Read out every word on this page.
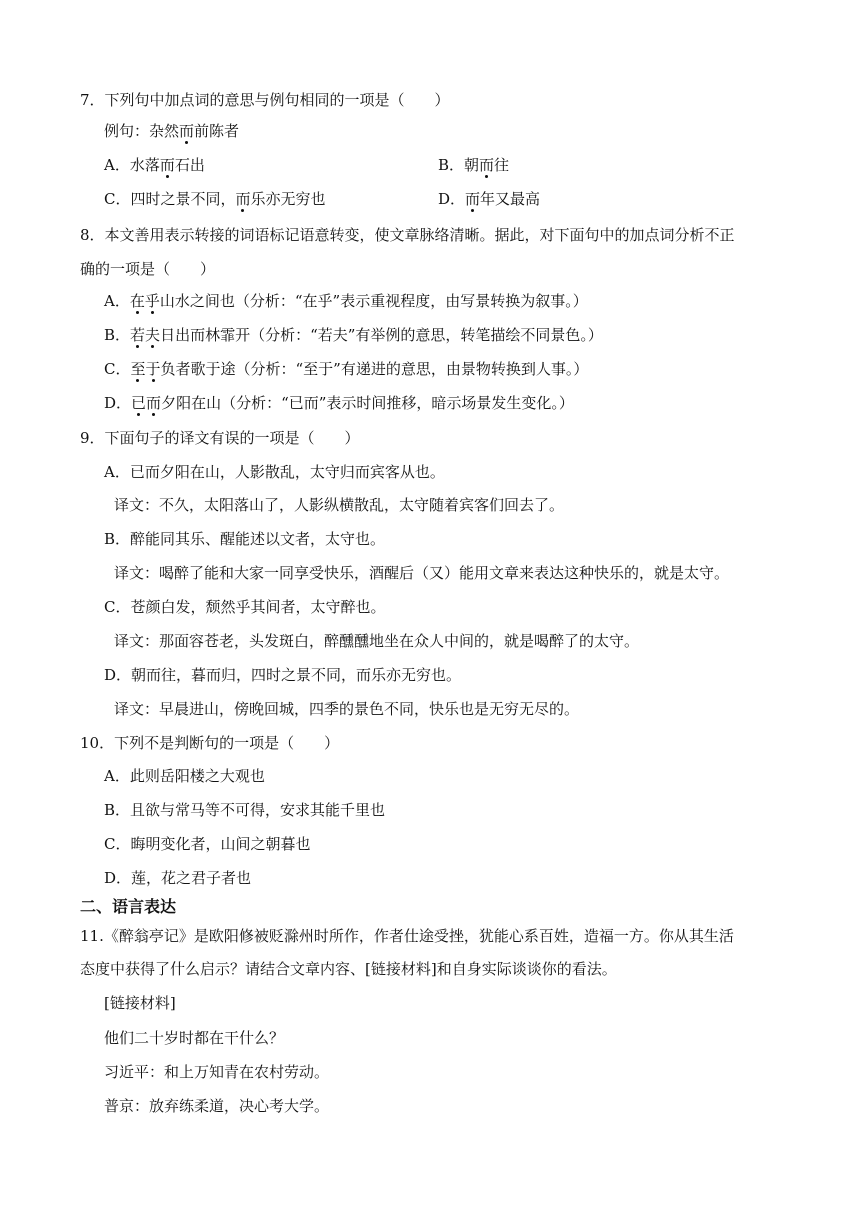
7．下列句中加点词的意思与例句相同的一项是（　　）
例句：杂然而前陈者
A．水落而石出	B．朝而往
C．四时之景不同，而乐亦无穷也	D．而年又最高
8．本文善用表示转接的词语标记语意转变，使文章脉络清晰。据此，对下面句中的加点词分析不正
确的一项是（　　）
A．在乎山水之间也（分析：“在乎”表示重视程度，由写景转换为叙事。）
B．若夫日出而林霏开（分析：“若夫”有举例的意思，转笔描绘不同景色。）
C．至于负者歌于途（分析：“至于”有递进的意思，由景物转换到人事。）
D．已而夕阳在山（分析：“已而”表示时间推移，暗示场景发生变化。）
9．下面句子的译文有误的一项是（　　）
A．已而夕阳在山，人影散乱，太守归而宾客从也。
译文：不久，太阳落山了，人影纵横散乱，太守随着宾客们回去了。
B．醉能同其乐、醒能述以文者，太守也。
译文：喝醉了能和大家一同享受快乐，酒醒后（又）能用文章来表达这种快乐的，就是太守。
C．苍颜白发，颓然乎其间者，太守醉也。
译文：那面容苍老，头发斑白，醉醺醺地坐在众人中间的，就是喝醉了的太守。
D．朝而往，暮而归，四时之景不同，而乐亦无穷也。
译文：早晨进山，傍晚回城，四季的景色不同，快乐也是无穷无尽的。
10．下列不是判断句的一项是（　　）
A．此则岳阳楼之大观也
B．且欲与常马等不可得，安求其能千里也
C．晦明变化者，山间之朝暮也
D．莲，花之君子者也
二、语言表达
11.《醉翁亭记》是欧阳修被贬滁州时所作，作者仕途受挫，犹能心系百姓，造福一方。你从其生活
态度中获得了什么启示？请结合文章内容、[链接材料]和自身实际谈谈你的看法。
[链接材料]
他们二十岁时都在干什么？
习近平：和上万知青在农村劳动。
普京：放弃练柔道，决心考大学。
